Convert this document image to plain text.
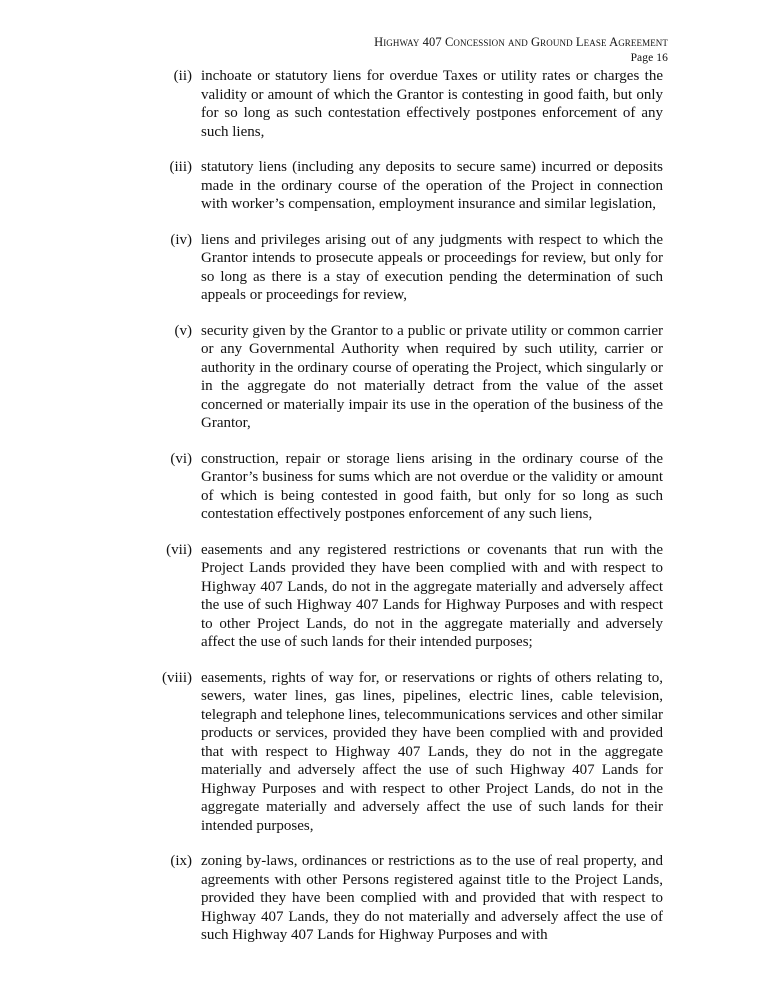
Highway 407 Concession and Ground Lease Agreement
Page 16
(ii) inchoate or statutory liens for overdue Taxes or utility rates or charges the validity or amount of which the Grantor is contesting in good faith, but only for so long as such contestation effectively postpones enforcement of any such liens,
(iii) statutory liens (including any deposits to secure same) incurred or deposits made in the ordinary course of the operation of the Project in connection with worker’s compensation, employment insurance and similar legislation,
(iv) liens and privileges arising out of any judgments with respect to which the Grantor intends to prosecute appeals or proceedings for review, but only for so long as there is a stay of execution pending the determination of such appeals or proceedings for review,
(v) security given by the Grantor to a public or private utility or common carrier or any Governmental Authority when required by such utility, carrier or authority in the ordinary course of operating the Project, which singularly or in the aggregate do not materially detract from the value of the asset concerned or materially impair its use in the operation of the business of the Grantor,
(vi) construction, repair or storage liens arising in the ordinary course of the Grantor’s business for sums which are not overdue or the validity or amount of which is being contested in good faith, but only for so long as such contestation effectively postpones enforcement of any such liens,
(vii) easements and any registered restrictions or covenants that run with the Project Lands provided they have been complied with and with respect to Highway 407 Lands, do not in the aggregate materially and adversely affect the use of such Highway 407 Lands for Highway Purposes and with respect to other Project Lands, do not in the aggregate materially and adversely affect the use of such lands for their intended purposes;
(viii) easements, rights of way for, or reservations or rights of others relating to, sewers, water lines, gas lines, pipelines, electric lines, cable television, telegraph and telephone lines, telecommunications services and other similar products or services, provided they have been complied with and provided that with respect to Highway 407 Lands, they do not in the aggregate materially and adversely affect the use of such Highway 407 Lands for Highway Purposes and with respect to other Project Lands, do not in the aggregate materially and adversely affect the use of such lands for their intended purposes,
(ix) zoning by-laws, ordinances or restrictions as to the use of real property, and agreements with other Persons registered against title to the Project Lands, provided they have been complied with and provided that with respect to Highway 407 Lands, they do not materially and adversely affect the use of such Highway 407 Lands for Highway Purposes and with
